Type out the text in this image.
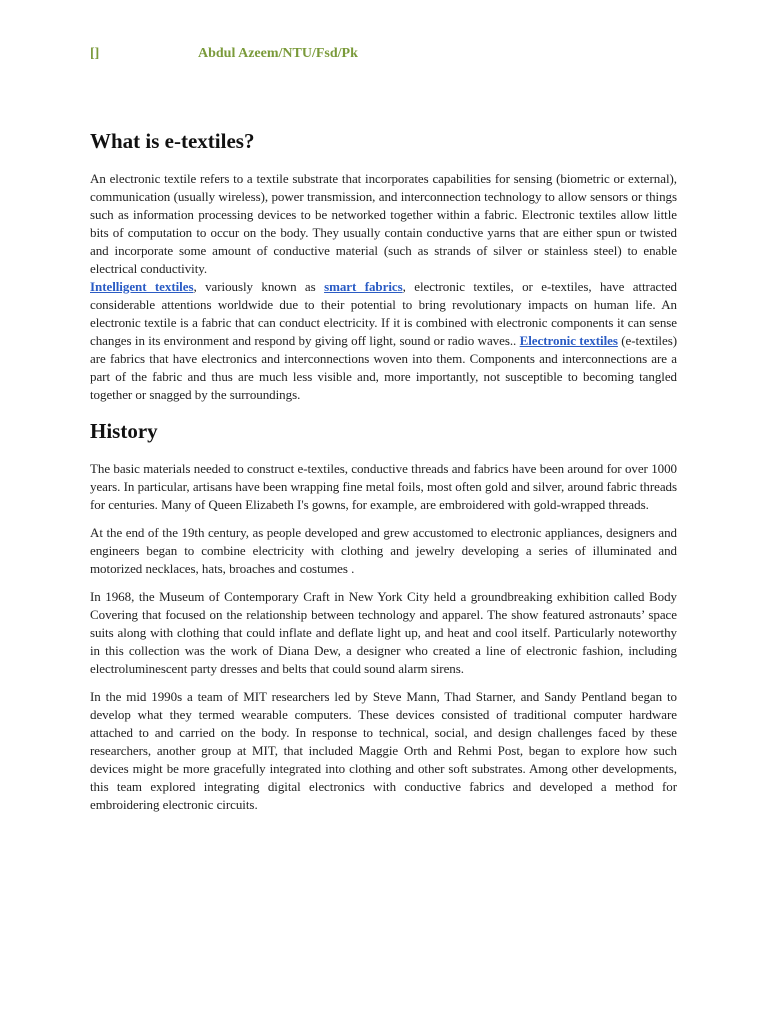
[]	Abdul Azeem/NTU/Fsd/Pk
What is e-textiles?

An electronic textile refers to a textile substrate that incorporates capabilities for sensing (biometric or external), communication (usually wireless), power transmission, and interconnection technology to allow sensors or things such as information processing devices to be networked together within a fabric. Electronic textiles allow little bits of computation to occur on the body. They usually contain conductive yarns that are either spun or twisted and incorporate some amount of conductive material (such as strands of silver or stainless steel) to enable electrical conductivity.

Intelligent textiles, variously known as smart fabrics, electronic textiles, or e-textiles, have attracted considerable attentions worldwide due to their potential to bring revolutionary impacts on human life. An electronic textile is a fabric that can conduct electricity. If it is combined with electronic components it can sense changes in its environment and respond by giving off light, sound or radio waves.. Electronic textiles (e-textiles) are fabrics that have electronics and interconnections woven into them. Components and interconnections are a part of the fabric and thus are much less visible and, more importantly, not susceptible to becoming tangled together or snagged by the surroundings.

History

The basic materials needed to construct e-textiles, conductive threads and fabrics have been around for over 1000 years. In particular, artisans have been wrapping fine metal foils, most often gold and silver, around fabric threads for centuries. Many of Queen Elizabeth I's gowns, for example, are embroidered with gold-wrapped threads.

At the end of the 19th century, as people developed and grew accustomed to electronic appliances, designers and engineers began to combine electricity with clothing and jewelry developing a series of illuminated and motorized necklaces, hats, broaches and costumes .

In 1968, the Museum of Contemporary Craft in New York City held a groundbreaking exhibition called Body Covering that focused on the relationship between technology and apparel. The show featured astronauts’ space suits along with clothing that could inflate and deflate light up, and heat and cool itself. Particularly noteworthy in this collection was the work of Diana Dew, a designer who created a line of electronic fashion, including electroluminescent party dresses and belts that could sound alarm sirens.

In the mid 1990s a team of MIT researchers led by Steve Mann, Thad Starner, and Sandy Pentland began to develop what they termed wearable computers. These devices consisted of traditional computer hardware attached to and carried on the body. In response to technical, social, and design challenges faced by these researchers, another group at MIT, that included Maggie Orth and Rehmi Post, began to explore how such devices might be more gracefully integrated into clothing and other soft substrates. Among other developments, this team explored integrating digital electronics with conductive fabrics and developed a method for embroidering electronic circuits.
